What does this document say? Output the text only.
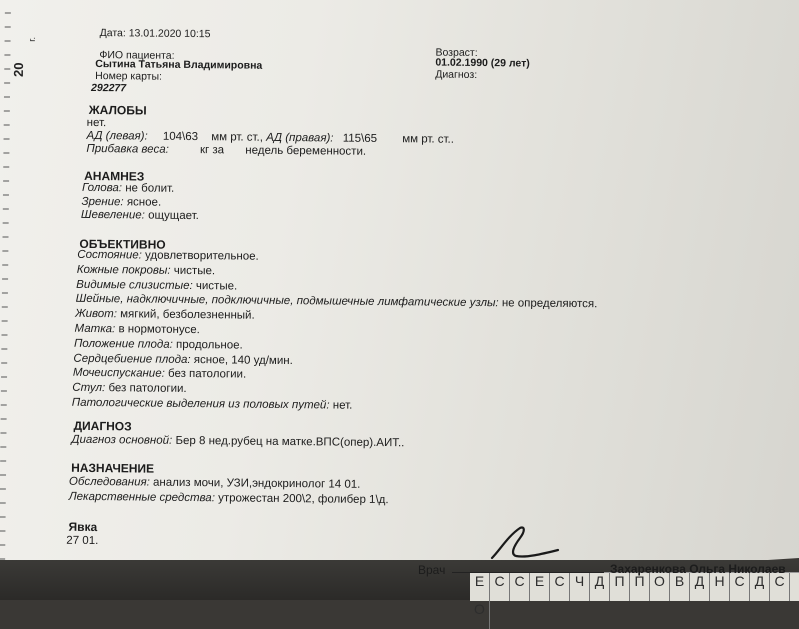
Е С С Е С Ч Д П П О В Д Н С Д СО
20
г.	Дата: 13.01.2020 10:15
ФИО пациента:
Сытина Татьяна Владимировна
Номер карты:
292277
Возраст:
01.02.1990 (29 лет)
Диагноз:
ЖАЛОБЫ
нет.
АД (левая): 104\63 мм рт. ст., АД (правая): 115\65 мм рт. ст..
Прибавка веса:	кг за недель беременности.
АНАМНЕЗ
Голова: не болит.
Зрение: ясное.
Шевеление: ощущает.
ОБЪЕКТИВНО
Состояние: удовлетворительное.
Кожные покровы: чистые.
Видимые слизистые: чистые.
Шейные, надключичные, подключичные, подмышечные лимфатические узлы: не определяются.
Живот: мягкий, безболезненный.
Матка: в нормотонусе.
Положение плода: продольное.
Сердцебиение плода: ясное, 140 уд/мин.
Мочеиспускание: без патологии.
Стул: без патологии.
Патологические выделения из половых путей: нет.
ДИАГНОЗ
Диагноз основной: Бер 8 нед.рубец на матке.ВПС(опер).АИТ..
НАЗНАЧЕНИЕ
Обследования: анализ мочи, УЗИ,эндокринолог 14 01.
Лекарственные средства: утрожестан 200\2, фолибер 1\д.
Явка
27 01.
Врач	Захаренкова Ольга Николаев
